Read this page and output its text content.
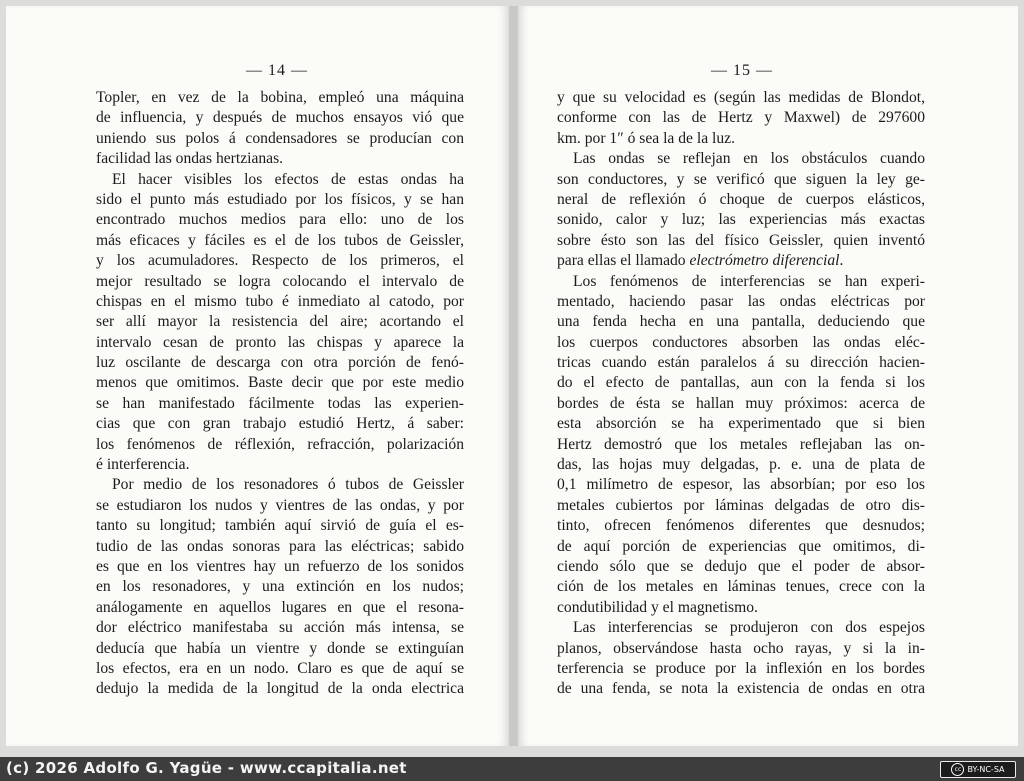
— 14 —
Topler, en vez de la bobina, empleó una máquina
de influencia, y después de muchos ensayos vió que
uniendo sus polos á condensadores se producían con
facilidad las ondas hertzianas.
El hacer visibles los efectos de estas ondas ha
sido el punto más estudiado por los físicos, y se han
encontrado muchos medios para ello: uno de los
más eficaces y fáciles es el de los tubos de Geissler,
y los acumuladores. Respecto de los primeros, el
mejor resultado se logra colocando el intervalo de
chispas en el mismo tubo é inmediato al catodo, por
ser allí mayor la resistencia del aire; acortando el
intervalo cesan de pronto las chispas y aparece la
luz oscilante de descarga con otra porción de fenó-
menos que omitimos. Baste decir que por este medio
se han manifestado fácilmente todas las experien-
cias que con gran trabajo estudió Hertz, á saber:
los fenómenos de réflexión, refracción, polarización
é interferencia.
Por medio de los resonadores ó tubos de Geissler
se estudiaron los nudos y vientres de las ondas, y por
tanto su longitud; también aquí sirvió de guía el es-
tudio de las ondas sonoras para las eléctricas; sabido
es que en los vientres hay un refuerzo de los sonidos
en los resonadores, y una extinción en los nudos;
análogamente en aquellos lugares en que el resona-
dor eléctrico manifestaba su acción más intensa, se
deducía que había un vientre y donde se extinguían
los efectos, era en un nodo. Claro es que de aquí se
dedujo la medida de la longitud de la onda electrica
— 15 —
y que su velocidad es (según las medidas de Blondot,
conforme con las de Hertz y Maxwel) de 297600
km. por 1″ ó sea la de la luz.
Las ondas se reflejan en los obstáculos cuando
son conductores, y se verificó que siguen la ley ge-
neral de reflexión ó choque de cuerpos elásticos,
sonido, calor y luz; las experiencias más exactas
sobre ésto son las del físico Geissler, quien inventó
para ellas el llamado electrómetro diferencial.
Los fenómenos de interferencias se han experi-
mentado, haciendo pasar las ondas eléctricas por
una fenda hecha en una pantalla, deduciendo que
los cuerpos conductores absorben las ondas eléc-
tricas cuando están paralelos á su dirección hacien-
do el efecto de pantallas, aun con la fenda si los
bordes de ésta se hallan muy próximos: acerca de
esta absorción se ha experimentado que si bien
Hertz demostró que los metales reflejaban las on-
das, las hojas muy delgadas, p. e. una de plata de
0,1 milímetro de espesor, las absorbían; por eso los
metales cubiertos por láminas delgadas de otro dis-
tinto, ofrecen fenómenos diferentes que desnudos;
de aquí porción de experiencias que omitimos, di-
ciendo sólo que se dedujo que el poder de absor-
ción de los metales en láminas tenues, crece con la
condutibilidad y el magnetismo.
Las interferencias se produjeron con dos espejos
planos, observándose hasta ocho rayas, y si la in-
terferencia se produce por la inflexión en los bordes
de una fenda, se nota la existencia de ondas en otra
(c) 2026 Adolfo G. Yagüe - www.ccapitalia.net	cc BY-NC-SA
